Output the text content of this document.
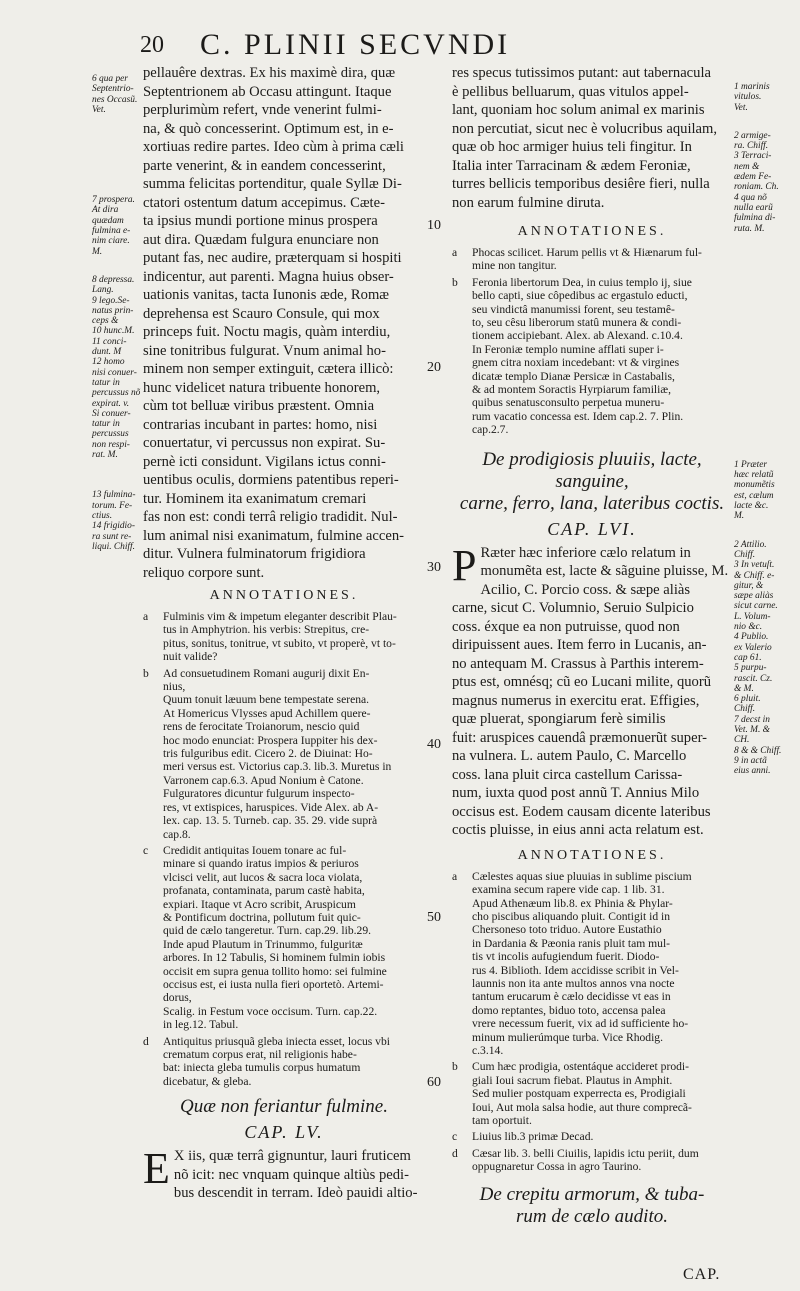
20 C. PLINII SECVNDI
6 qua per
Septentrio-
nes Occasũ.
Vet.
7 prospera.
At dira
quædam
fulmina e-
nim ciare.
M.
8 depressa.
Lang.
9 lego.Se-
natus prin-
ceps &
10 hunc.M.
11 conci-
dunt. M
12 homo
nisi conuer-
tatur in
percussus nõ
expirat. v.
Si conuer-
tatur in
percussus
non respi-
rat. M.
13 fulmina-
torum. Fe-
ctius.
14 frigidio-
ra sunt re-
liqui. Chiff.
1 marinis
vitulos.
Vet.
2 armige-
ra. Chiff.
3 Terraci-
nem &
ædem Fe-
roniam. Ch.
4 qua nõ
nulla earũ
fulmina di-
ruta. M.
1 Præter
hæc relatũ
monumẽtis
est, cælum
lacte &c.
M.
2 Attilio.
Chiff.
3 In vetuſt.
& Chiff. e-
gitur, &
sæpe aliàs
sicut carne.
L. Volum-
nio &c.
4 Publio.
ex Valerio
cap 61.
5 purpu-
rascit. Cz.
& M.
6 pluit.
Chiff.
7 decst in
Vet. M. &
CH.
8 & & Chiff.
9 in actã
eius anni.
10
20
30
40
50
60
pellauêre dextras. Ex his maximè dira, quæ
Septentrionem ab Occasu attingunt. Itaque
perplurimùm refert, vnde venerint fulmi-
na, & quò concesserint. Optimum est, in e-
xortiuas redire partes. Ideo cùm à prima cæli
parte venerint, & in eandem concesserint,
summa felicitas portenditur, quale Syllæ Di-
ctatori ostentum datum accepimus. Cæte-
ta ipsius mundi portione minus prospera
aut dira. Quædam fulgura enunciare non
putant fas, nec audire, præterquam si hospiti
indicentur, aut parenti. Magna huius obser-
uationis vanitas, tacta Iunonis æde, Romæ
deprehensa est Scauro Consule, qui mox
princeps fuit. Noctu magis, quàm interdiu,
sine tonitribus fulgurat. Vnum animal ho-
minem non semper extinguit, cætera illicò:
hunc videlicet natura tribuente honorem,
cùm tot belluæ viribus præstent. Omnia
contrarias incubant in partes: homo, nisi
conuertatur, vi percussus non expirat. Su-
pernè icti considunt. Vigilans ictus conni-
uentibus oculis, dormiens patentibus reperi-
tur. Hominem ita exanimatum cremari
fas non est: condi terrâ religio tradidit. Nul-
lum animal nisi exanimatum, fulmine accen-
ditur. Vulnera fulminatorum frigidiora
reliquo corpore sunt.
ANNOTATIONES.
a	Fulminis vim & impetum eleganter describit Plau-
tus in Amphytrion. his verbis: Strepitus, cre-
pitus, sonitus, tonitrue, vt subito, vt properè, vt to-
nuit valide?
b	Ad consuetudinem Romani augurij dixit En-
nius,
Quum tonuit læuum bene tempestate serena.
At Homericus Vlysses apud Achillem quere-
rens de ferocitate Troianorum, nescio quid
hoc modo enunciat: Prospera Iuppiter his dex-
tris fulguribus edit. Cicero 2. de Diuinat: Ho-
meri versus est. Victorius cap.3. lib.3. Muretus in
Varronem cap.6.3. Apud Nonium è Catone.
Fulguratores dicuntur fulgurum inspecto-
res, vt extispices, haruspices. Vide Alex. ab A-
lex. cap. 13. 5. Turneb. cap. 35. 29. vide suprà
cap.8.
c	Credidit antiquitas Iouem tonare ac ful-
minare si quando iratus impios & periuros
vlcisci velit, aut lucos & sacra loca violata,
profanata, contaminata, parum castè habita,
expiari. Itaque vt Acro scribit, Aruspicum
& Pontificum doctrina, pollutum fuit quic-
quid de cælo tangeretur. Turn. cap.29. lib.29.
Inde apud Plautum in Trinummo, fulguritæ
arbores. In 12 Tabulis, Si hominem fulmin iobis
occisit em supra genua tollito homo: sei fulmine
occisus est, ei iusta nulla fieri oportetò. Artemi-
dorus,
Scalig. in Festum voce occisum. Turn. cap.22.
in leg.12. Tabul.
d	Antiquitus priusquã gleba iniecta esset, locus vbi
crematum corpus erat, nil religionis habe-
bat: iniecta gleba tumulis corpus humatum
dicebatur, & gleba.
Quæ non feriantur fulmine.
CAP. LV.
E X iis, quæ terrâ gignuntur, lauri fruticem
nõ icit: nec vnquam quinque altiùs pedi-
bus descendit in terram. Ideò pauidi altio-
res specus tutissimos putant: aut tabernacula
è pellibus belluarum, quas vitulos appel-
lant, quoniam hoc solum animal ex marinis
non percutiat, sicut nec è volucribus aquilam,
quæ ob hoc armiger huius teli fingitur. In
Italia inter Tarracinam & ædem Feroniæ,
turres bellicis temporibus desiêre fieri, nulla
non earum fulmine diruta.
ANNOTATIONES.
a	Phocas scilicet. Harum pellis vt & Hiænarum ful-
mine non tangitur.
b	Feronia libertorum Dea, in cuius templo ij, siue
bello capti, siue côpedibus ac ergastulo educti,
seu vindictâ manumissi forent, seu testamê-
to, seu cêsu liberorum statû munera & condi-
tionem accipiebant. Alex. ab Alexand. c.10.4.
In Feroniæ templo numine afflati super i-
gnem citra noxiam incedebant: vt & virgines
dicatæ templo Dianæ Persicæ in Castabalis,
& ad montem Soractis Hyrpiarum familiæ,
quibus senatusconsulto perpetua muneru-
rum vacatio concessa est. Idem cap.2. 7. Plin.
cap.2.7.
De prodigiosis pluuiis, lacte, sanguine,
carne, ferro, lana, lateribus coctis.
CAP. LVI.
P Ræter hæc inferiore cælo relatum in
monumẽta est, lacte & sãguine pluisse, M.
Acilio, C. Porcio coss. & sæpe aliàs
carne, sicut C. Volumnio, Seruio Sulpicio
coss. éxque ea non putruisse, quod non
diripuissent aues. Item ferro in Lucanis, an-
no antequam M. Crassus à Parthis interem-
ptus est, omnésq; cũ eo Lucani milite, quorũ
magnus numerus in exercitu erat. Effigies,
quæ pluerat, spongiarum ferè similis
fuit: aruspices cauendâ præmonuerũt super-
na vulnera. L. autem Paulo, C. Marcello
coss. lana pluit circa castellum Carissa-
num, iuxta quod post annũ T. Annius Milo
occisus est. Eodem causam dicente lateribus
coctis pluisse, in eius anni acta relatum est.
ANNOTATIONES.
a	Cælestes aquas siue pluuias in sublime piscium
examina secum rapere vide cap. 1 lib. 31.
Apud Athenæum lib.8. ex Phinia & Phylar-
cho piscibus aliquando pluit. Contigit id in
Chersoneso toto triduo. Autore Eustathio
in Dardania & Pæonia ranis pluit tam mul-
tis vt incolis aufugiendum fuerit. Diodo-
rus 4. Biblioth. Idem accidisse scribit in Vel-
launnis non ita ante multos annos vna nocte
tantum erucarum è cælo decidisse vt eas in
domo reptantes, biduo toto, accensa palea
vrere necessum fuerit, vix ad id sufficiente ho-
minum mulierúmque turba. Vice Rhodig.
c.3.14.
b	Cum hæc prodigia, ostentáque accideret prodi-
giali Ioui sacrum fiebat. Plautus in Amphit.
Sed mulier postquam experrecta es, Prodigiali
Ioui, Aut mola salsa hodie, aut thure comprecã-
tam oportuit.
c	Liuius lib.3 primæ Decad.
d	Cæsar lib. 3. belli Ciuilis, lapidis ictu periit, dum
oppugnaretur Cossa in agro Taurino.
De crepitu armorum, & tuba-
rum de cælo audito.
CAP.
